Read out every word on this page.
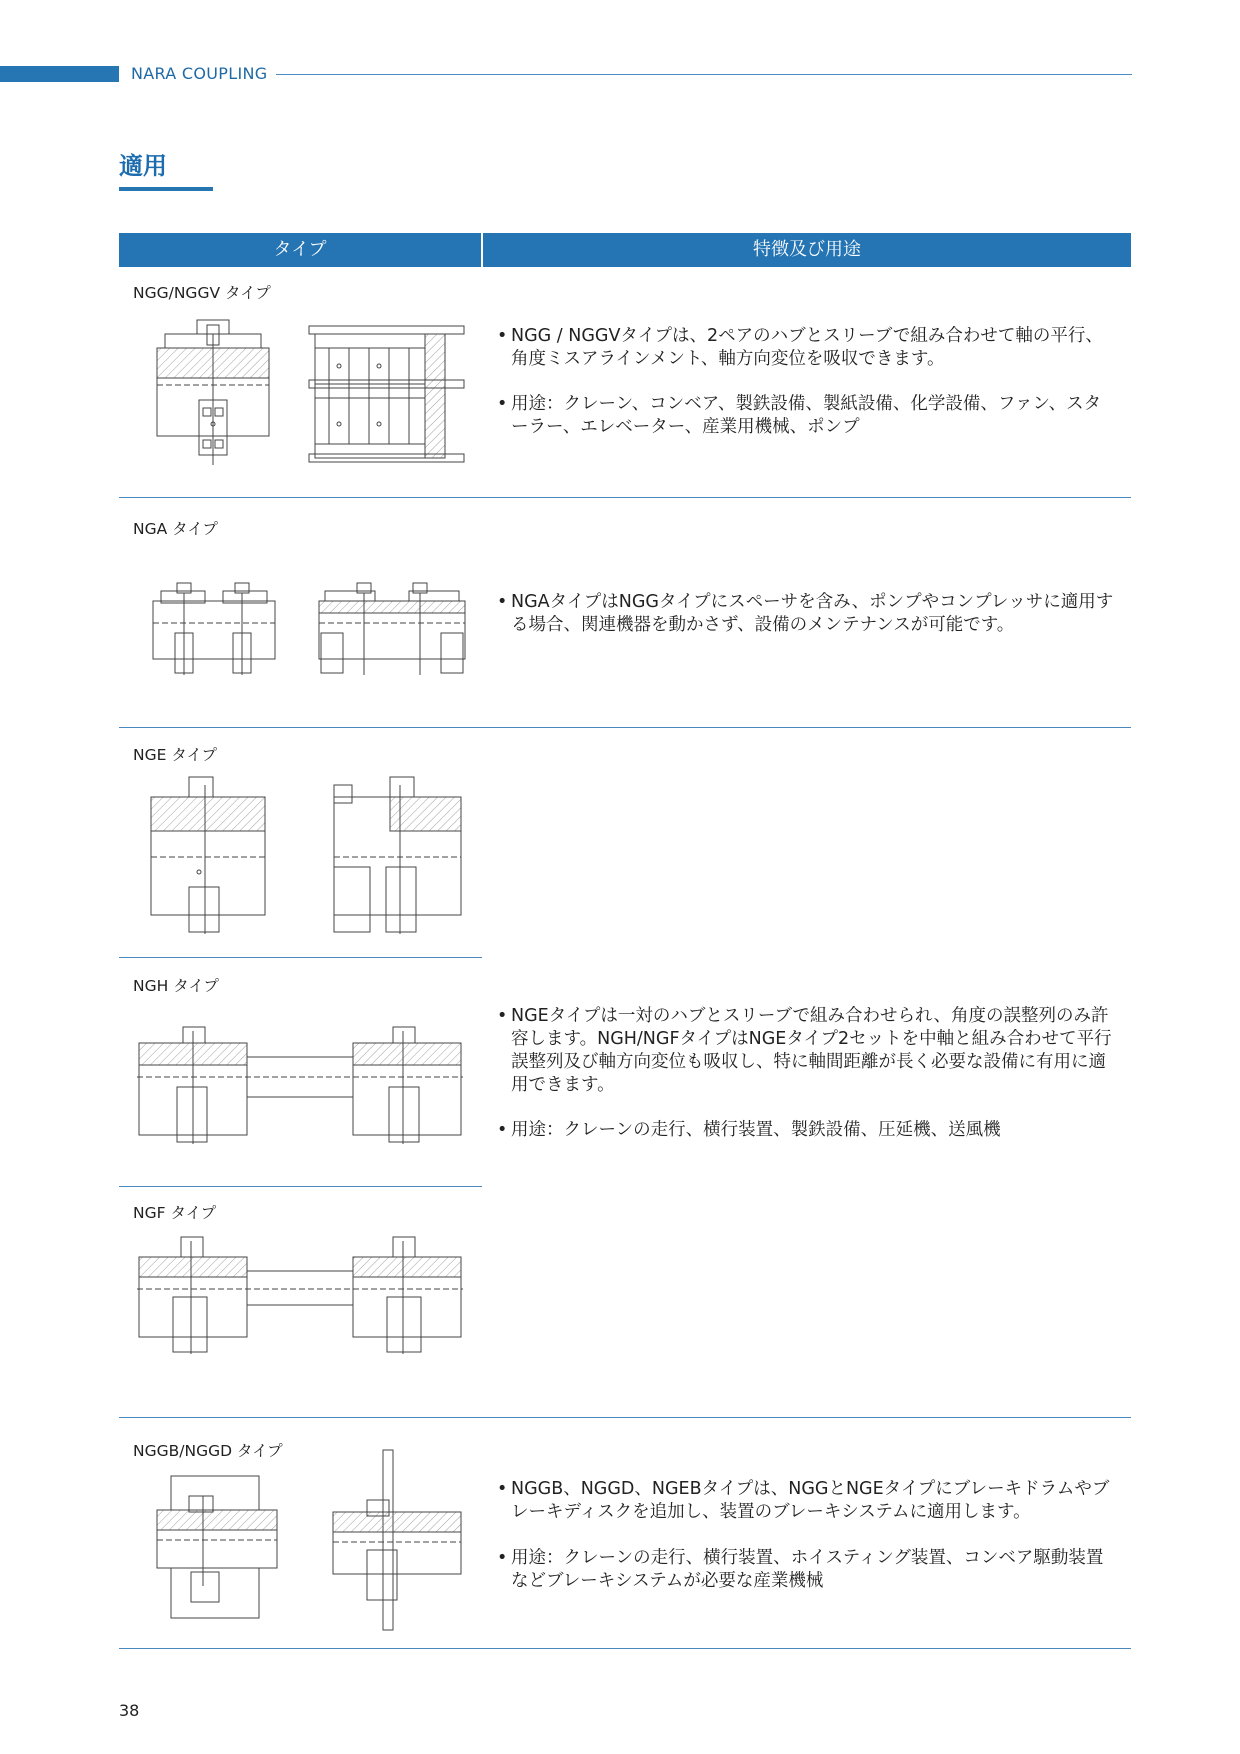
NARA COUPLING
適用
タイプ	特徴及び用途
NGG/NGGV タイプ
NGA タイプ
NGE タイプ
NGH タイプ
NGF タイプ
NGGB/NGGD タイプ
• NGG / NGGVタイプは、2ペアのハブとスリーブで組み合わせて軸の平行、角度ミスアラインメント、軸方向変位を吸収できます。
• 用途：クレーン、コンベア、製鉄設備、製紙設備、化学設備、ファン、スターラー、エレベーター、産業用機械、ポンプ
• NGAタイプはNGGタイプにスペーサを含み、ポンプやコンプレッサに適用する場合、関連機器を動かさず、設備のメンテナンスが可能です。
• NGEタイプは一対のハブとスリーブで組み合わせられ、角度の誤整列のみ許容します。NGH/NGFタイプはNGEタイプ2セットを中軸と組み合わせて平行誤整列及び軸方向変位も吸収し、特に軸間距離が長く必要な設備に有用に適用できます。
• 用途：クレーンの走行、横行装置、製鉄設備、圧延機、送風機
• NGGB、NGGD、NGEBタイプは、NGGとNGEタイプにブレーキドラムやブレーキディスクを追加し、装置のブレーキシステムに適用します。
• 用途：クレーンの走行、横行装置、ホイスティング装置、コンベア駆動装置などブレーキシステムが必要な産業機械
38
